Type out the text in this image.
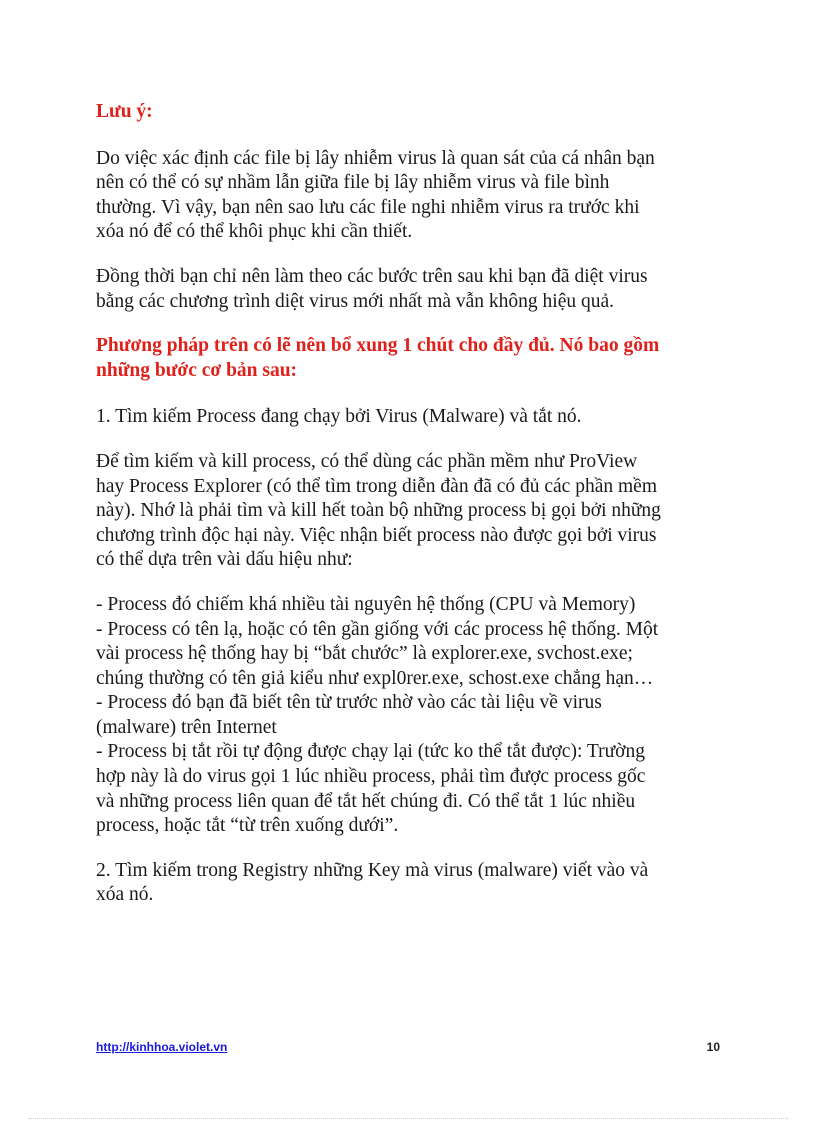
Lưu ý:

Do việc xác định các file bị lây nhiễm virus là quan sát của cá nhân bạn
nên có thể có sự nhầm lẫn giữa file bị lây nhiễm virus và file bình
thường. Vì vậy, bạn nên sao lưu các file nghi nhiễm virus ra trước khi
xóa nó để có thể khôi phục khi cần thiết.

Đồng thời bạn chỉ nên làm theo các bước trên sau khi bạn đã diệt virus
bằng các chương trình diệt virus mới nhất mà vẫn không hiệu quả.

Phương pháp trên có lẽ nên bổ xung 1 chút cho đầy đủ. Nó bao gồm
những bước cơ bản sau:

1. Tìm kiếm Process đang chạy bởi Virus (Malware) và tắt nó.

Để tìm kiếm và kill process, có thể dùng các phần mềm như ProView
hay Process Explorer (có thể tìm trong diễn đàn đã có đủ các phần mềm
này). Nhớ là phải tìm và kill hết toàn bộ những process bị gọi bởi những
chương trình độc hại này. Việc nhận biết process nào được gọi bởi virus
có thể dựa trên vài dấu hiệu như:

- Process đó chiếm khá nhiều tài nguyên hệ thống (CPU và Memory)
- Process có tên lạ, hoặc có tên gần giống với các process hệ thống. Một
vài process hệ thống hay bị “bắt chước” là explorer.exe, svchost.exe;
chúng thường có tên giả kiểu như expl0rer.exe, schost.exe chẳng hạn…
- Process đó bạn đã biết tên từ trước nhờ vào các tài liệu về virus
(malware) trên Internet
- Process bị tắt rồi tự động được chạy lại (tức ko thể tắt được): Trường
hợp này là do virus gọi 1 lúc nhiều process, phải tìm được process gốc
và những process liên quan để tắt hết chúng đi. Có thể tắt 1 lúc nhiều
process, hoặc tắt “từ trên xuống dưới”.

2. Tìm kiếm trong Registry những Key mà virus (malware) viết vào và
xóa nó.

http://kinhhoa.violet.vn	10
